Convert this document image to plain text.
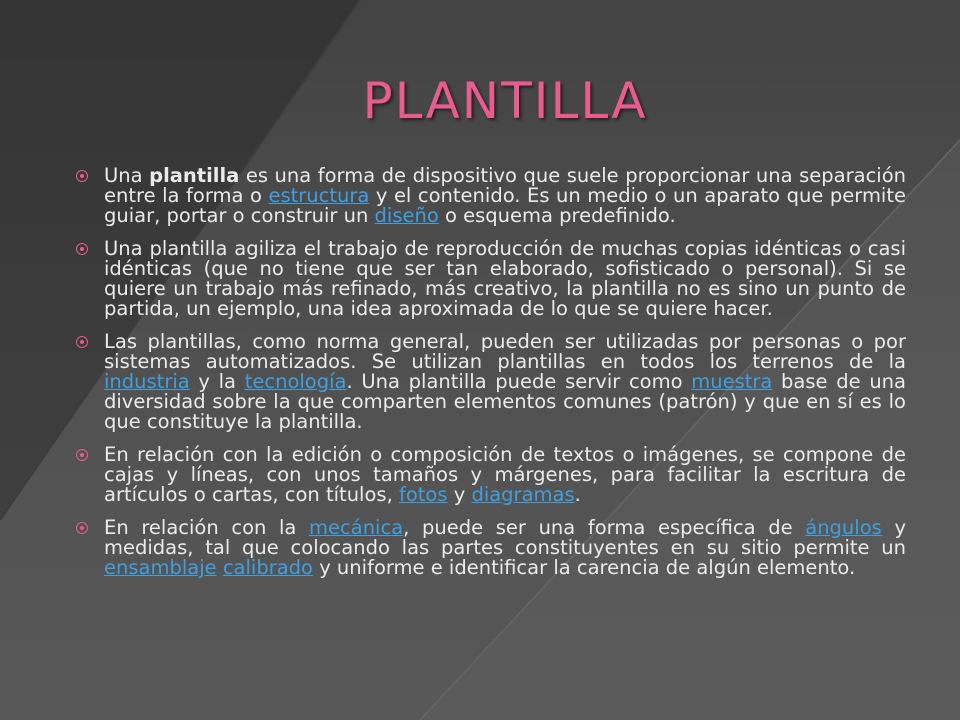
PLANTILLA
Una plantilla es una forma de dispositivo que suele proporcionar una separación entre la forma o estructura y el contenido. Es un medio o un aparato que permite guiar, portar o construir un diseño o esquema predefinido.
Una plantilla agiliza el trabajo de reproducción de muchas copias idénticas o casi idénticas (que no tiene que ser tan elaborado, sofisticado o personal). Si se quiere un trabajo más refinado, más creativo, la plantilla no es sino un punto de partida, un ejemplo, una idea aproximada de lo que se quiere hacer.
Las plantillas, como norma general, pueden ser utilizadas por personas o por sistemas automatizados. Se utilizan plantillas en todos los terrenos de la industria y la tecnología. Una plantilla puede servir como muestra base de una diversidad sobre la que comparten elementos comunes (patrón) y que en sí es lo que constituye la plantilla.
En relación con la edición o composición de textos o imágenes, se compone de cajas y líneas, con unos tamaños y márgenes, para facilitar la escritura de artículos o cartas, con títulos, fotos y diagramas.
En relación con la mecánica, puede ser una forma específica de ángulos y medidas, tal que colocando las partes constituyentes en su sitio permite un ensamblaje calibrado y uniforme e identificar la carencia de algún elemento.
